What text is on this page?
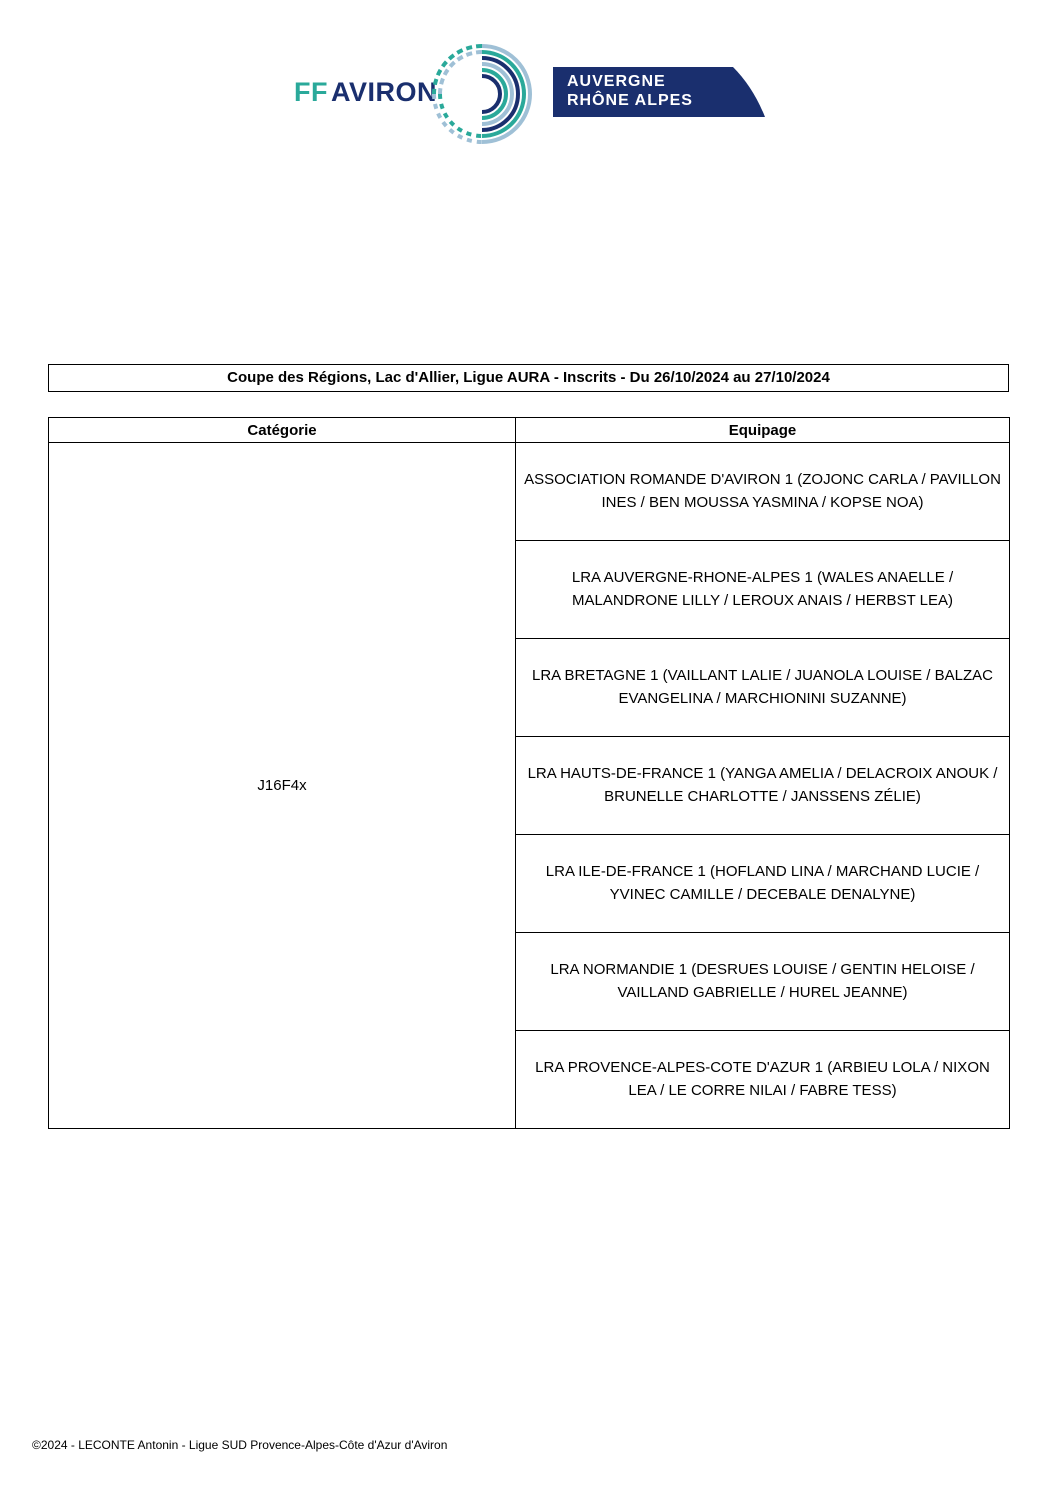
FF AVIRON	AUVERGNE
RHÔNE ALPES
Coupe des Régions, Lac d'Allier, Ligue AURA - Inscrits - Du 26/10/2024 au 27/10/2024
Catégorie	Equipage
J16F4x	ASSOCIATION ROMANDE D'AVIRON 1 (ZOJONC CARLA / PAVILLON INES / BEN MOUSSA YASMINA / KOPSE NOA)
	LRA AUVERGNE-RHONE-ALPES 1 (WALES ANAELLE / MALANDRONE LILLY / LEROUX ANAIS / HERBST LEA)
	LRA BRETAGNE 1 (VAILLANT LALIE / JUANOLA LOUISE / BALZAC EVANGELINA / MARCHIONINI SUZANNE)
	LRA HAUTS-DE-FRANCE 1 (YANGA AMELIA / DELACROIX ANOUK / BRUNELLE CHARLOTTE / JANSSENS ZÉLIE)
	LRA ILE-DE-FRANCE 1 (HOFLAND LINA / MARCHAND LUCIE / YVINEC CAMILLE / DECEBALE DENALYNE)
	LRA NORMANDIE 1 (DESRUES LOUISE / GENTIN HELOISE / VAILLAND GABRIELLE / HUREL JEANNE)
	LRA PROVENCE-ALPES-COTE D'AZUR 1 (ARBIEU LOLA / NIXON LEA / LE CORRE NILAI / FABRE TESS)
©2024 - LECONTE Antonin - Ligue SUD Provence-Alpes-Côte d'Azur d'Aviron
